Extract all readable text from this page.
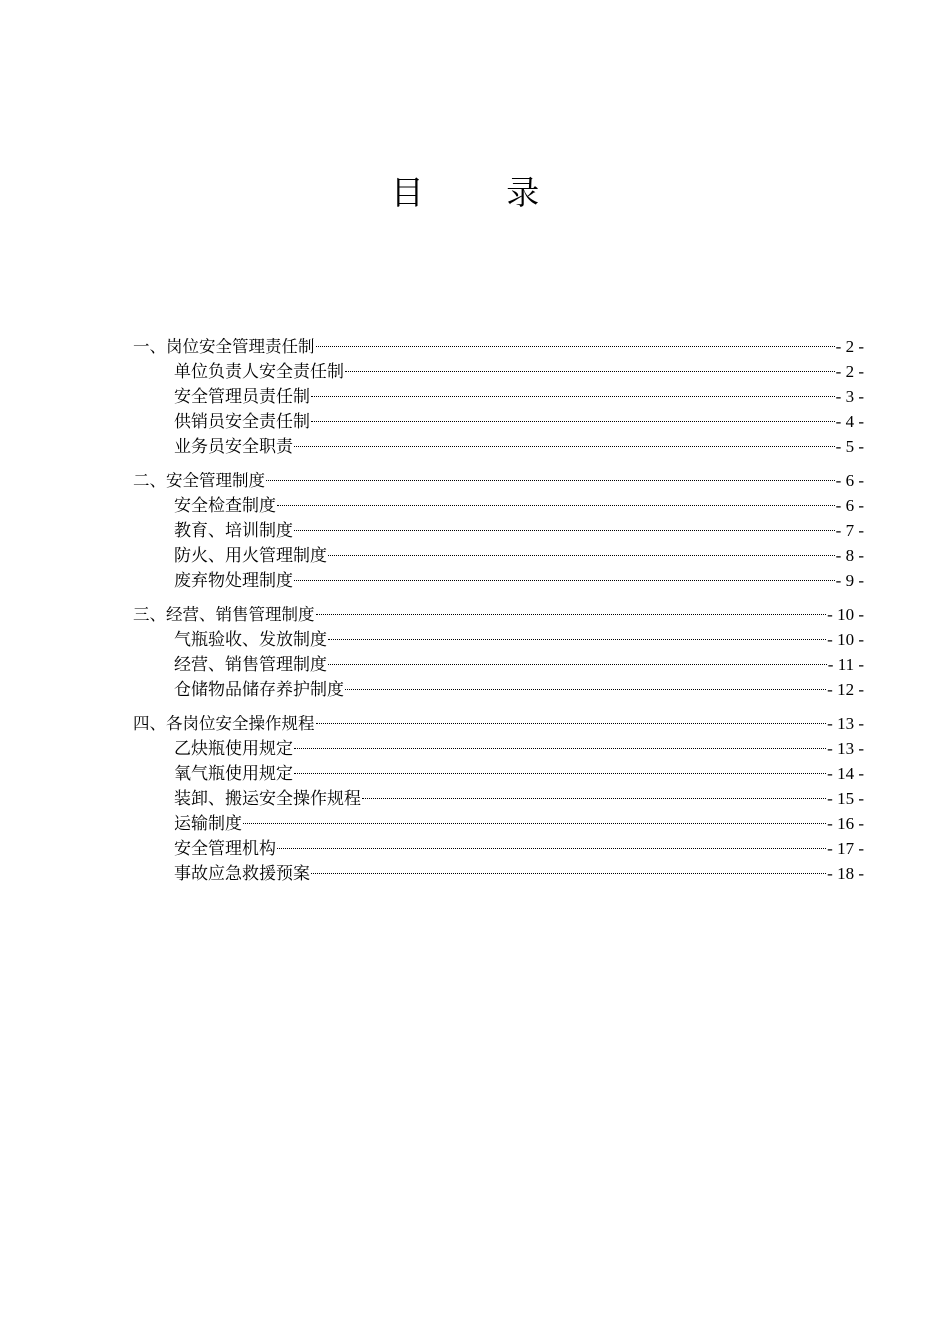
目 录
一、岗位安全管理责任制	- 2 -
单位负责人安全责任制	- 2 -
安全管理员责任制	- 3 -
供销员安全责任制	- 4 -
业务员安全职责	- 5 -
二、安全管理制度	- 6 -
安全检查制度	- 6 -
教育、培训制度	- 7 -
防火、用火管理制度	- 8 -
废弃物处理制度	- 9 -
三、经营、销售管理制度	- 10 -
气瓶验收、发放制度	- 10 -
经营、销售管理制度	- 11 -
仓储物品储存养护制度	- 12 -
四、各岗位安全操作规程	- 13 -
乙炔瓶使用规定	- 13 -
氧气瓶使用规定	- 14 -
装卸、搬运安全操作规程	- 15 -
运输制度	- 16 -
安全管理机构	- 17 -
事故应急救援预案	- 18 -
